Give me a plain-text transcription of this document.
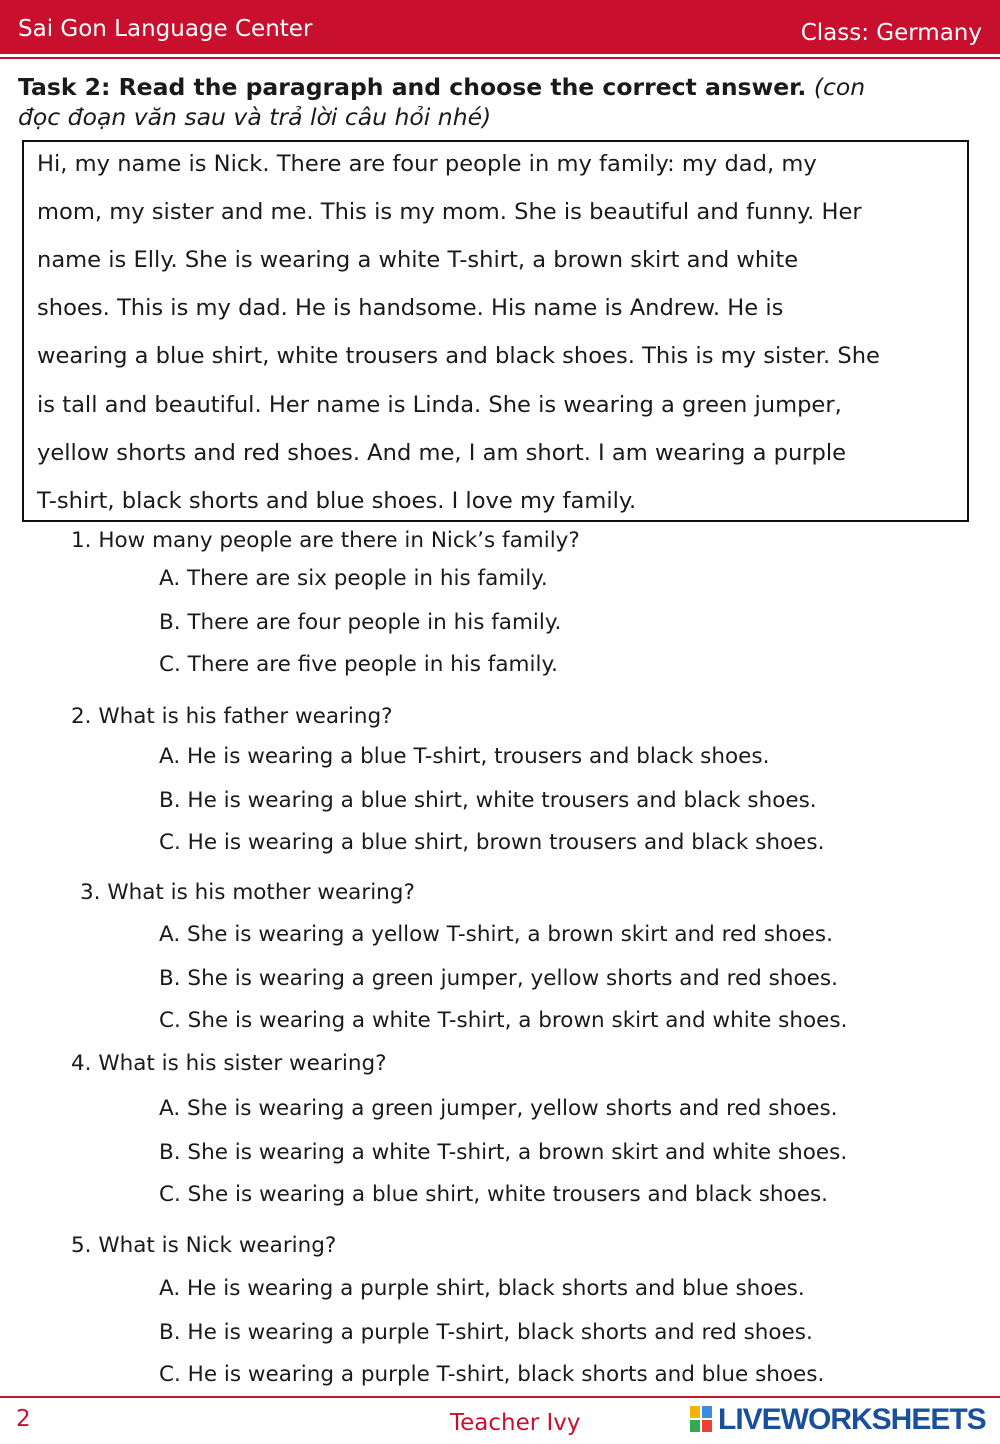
Sai Gon Language Center	Class: Germany
Task 2: Read the paragraph and choose the correct answer. (con
đọc đoạn văn sau và trả lời câu hỏi nhé)
Hi, my name is Nick. There are four people in my family: my dad, my
mom, my sister and me. This is my mom. She is beautiful and funny. Her
name is Elly. She is wearing a white T-shirt, a brown skirt and white
shoes. This is my dad. He is handsome. His name is Andrew. He is
wearing a blue shirt, white trousers and black shoes. This is my sister. She
is tall and beautiful. Her name is Linda. She is wearing a green jumper,
yellow shorts and red shoes. And me, I am short. I am wearing a purple
T-shirt, black shorts and blue shoes. I love my family.
1. How many people are there in Nick’s family?
A. There are six people in his family.
B. There are four people in his family.
C. There are five people in his family.
2. What is his father wearing?
A. He is wearing a blue T-shirt, trousers and black shoes.
B. He is wearing a blue shirt, white trousers and black shoes.
C. He is wearing a blue shirt, brown trousers and black shoes.
3. What is his mother wearing?
A. She is wearing a yellow T-shirt, a brown skirt and red shoes.
B. She is wearing a green jumper, yellow shorts and red shoes.
C. She is wearing a white T-shirt, a brown skirt and white shoes.
4. What is his sister wearing?
A. She is wearing a green jumper, yellow shorts and red shoes.
B. She is wearing a white T-shirt, a brown skirt and white shoes.
C. She is wearing a blue shirt, white trousers and black shoes.
5. What is Nick wearing?
A. He is wearing a purple shirt, black shorts and blue shoes.
B. He is wearing a purple T-shirt, black shorts and red shoes.
C. He is wearing a purple T-shirt, black shorts and blue shoes.
2	Teacher Ivy	LIVEWORKSHEETS
